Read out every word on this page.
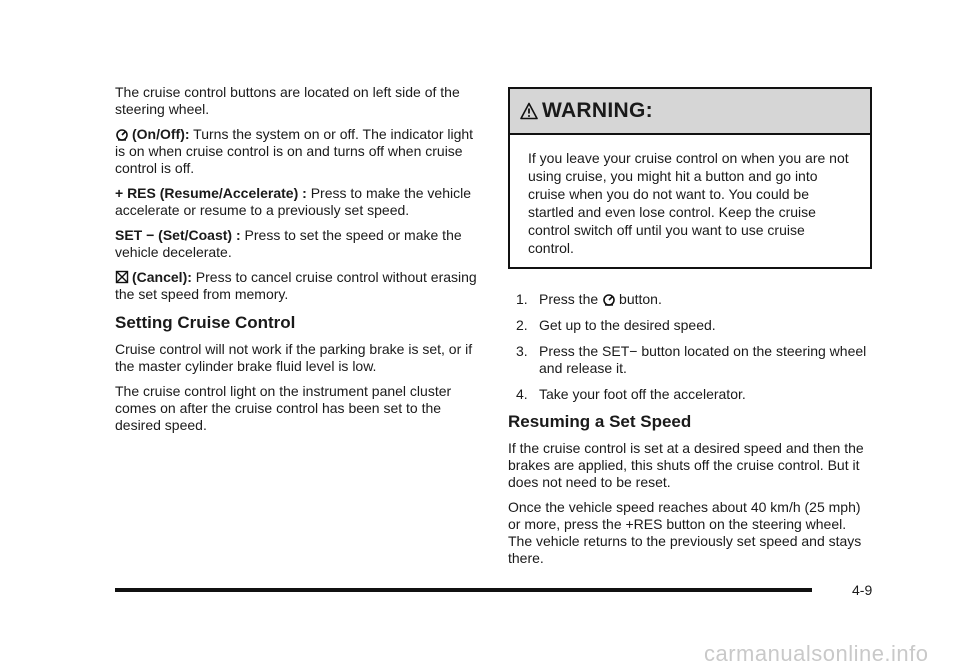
The cruise control buttons are located on left side of the steering wheel.

(On/Off): Turns the system on or off. The indicator light is on when cruise control is on and turns off when cruise control is off.

+ RES (Resume/Accelerate) : Press to make the vehicle accelerate or resume to a previously set speed.

SET − (Set/Coast) : Press to set the speed or make the vehicle decelerate.

(Cancel): Press to cancel cruise control without erasing the set speed from memory.

Setting Cruise Control

Cruise control will not work if the parking brake is set, or if the master cylinder brake fluid level is low.

The cruise control light on the instrument panel cluster comes on after the cruise control has been set to the desired speed.

WARNING:

If you leave your cruise control on when you are not using cruise, you might hit a button and go into cruise when you do not want to. You could be startled and even lose control. Keep the cruise control switch off until you want to use cruise control.

1. Press the button.
2. Get up to the desired speed.
3. Press the SET− button located on the steering wheel and release it.
4. Take your foot off the accelerator.
Resuming a Set Speed

If the cruise control is set at a desired speed and then the brakes are applied, this shuts off the cruise control. But it does not need to be reset.

Once the vehicle speed reaches about 40 km/h (25 mph) or more, press the +RES button on the steering wheel. The vehicle returns to the previously set speed and stays there.

4-9
carmanualsonline.info
